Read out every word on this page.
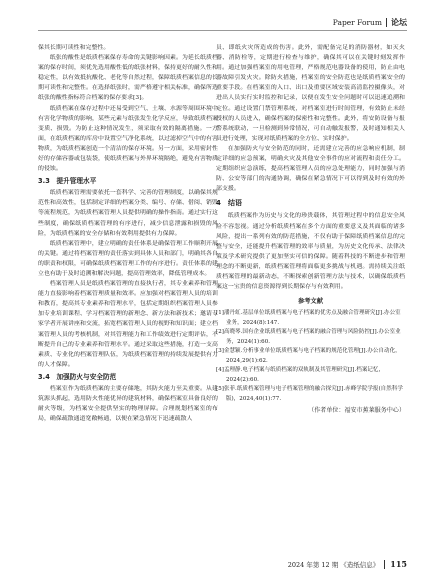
Paper Forum 论坛

保其长期可读性和完整性。

纸张的酸性是纸质档案保存寿命的关键影响因素。为延长纸质档案的保存时间，须优先选用酸性低的纸张材料，保持更好的耐久性和稳定性，以有效抵抗酸化、老化等自然过程，保障纸质档案信息的长期可读性和完整性。在选择纸张时，需严格遵守相关标准，确保所选纸张的酸性指标符合档案的保存要求[3]。

纸质档案在保存过程中还易受到空气、土壤、水源等周围环境中有害化学物质的影响，某些元素与纸张发生化学反应，导致纸质档案变质、损毁。为防止这种情况发生，须采取有效的隔离措施。一方面，在纸质档案的库房中设置空气净化系统，以过滤掉空气中的有害物质，为纸质档案创造一个清洁的保存环境。另一方面，采用密封性好的存储容器或包装袋，使纸质档案与外界环境隔绝，避免有害物质的侵蚀。

3.3　提升管理水平

纸质档案管理需要依托一套科学、完善的管理制度，以确保其规范性和高效性，包括制定详细的档案分类、编号、存储、借阅、销毁等流程规范，为纸质档案管理人员提供明确的操作指南。通过实行这些制度，确保纸质档案管理的有序进行，减少信息泄露和损毁的风险，为纸质档案的安全存储和有效利用提供有力保障。

纸质档案管理中，建立明确的责任体系是确保管理工作顺利开展的关键。通过将档案管理的责任落实到具体人员和部门，明确其各自的职责和权限，可确保纸质档案管理工作的有序进行。责任体系的建立也有助于及时追溯和解决问题，提高管理效率，降低管理成本。

档案管理人员是纸质档案管理的直接执行者，其专业素养和管理能力直接影响着档案管理质量和效率。应加强对档案管理人员的培训和教育，提高其专业素养和管理水平，包括定期组织档案管理人员参加专业培训课程、学习档案管理的新理念、新方法和新技术；邀请专家学者开展讲座和交流，拓宽档案管理人员的视野和知识面；建立档案管理人员的考核机制，对其管理能力和工作绩效进行定期评估，不断提升自己的专业素养和管理水平。通过采取这些措施，打造一支高素质、专业化的档案管理队伍，为纸质档案管理的持续发展提供有力的人才保障。

3.4　加强防火与安全防范

档案室作为纸质档案的主要存储地，其防火能力至关重要。从建筑源头抓起，选用防火性能优异的建筑材料，确保档案室具备良好的耐火等级，为档案安全提供坚实的物理屏障。合理规划档案室的布局，确保疏散通道宽敞畅通，以便在紧急情况下迅速疏散人

员、即纸火灾所造成的伤害。此外，需配备完足的消防器材，如灭火器、消防栓等，定期进行检查与维护，确保其可以在关键时刻发挥作用。通过加强档案室的用电管理，严格规范电器设备的使用，防止由电器故障引发火灾。除防火措施，档案室的安全防范也是纸质档案安全的重要手段。在档案室的入口、出口及重要区域安装高清监控摄像头，对进出人员实行实时监控和记录，以便在发生安全问题时可以迅速追溯和定位。通过设置门禁管理系统，对档案室进行时间管理，有效防止未经授权的人员进入，确保档案的保密性和完整性。此外，将安防设备与报警系统联动，一旦检测到异常情况，可自动触发报警，及时通知相关人员进行处理，实现对纸质档案的全方位、实时保护。

在加强防火与安全防范的同时，还需建立完善的应急响应机制，制定详细的应急预案，明确火灾及其他安全事件的应对流程和责任分工。定期组织应急演练，提高档案管理人员的应急处理能力，同时加强与消防、公安等部门的沟通协调，确保在紧急情况下可以得到及时有效的外部支援。

4　结语

纸质档案作为历史与文化的珍贵载体，其管理过程中的信息安全风险不容忽视。通过分析纸质档案在多个方面的重要意义及其面临的诸多风险，提出一系列有效的防范措施，不仅有助于保障纸质档案信息的完整与安全，还能提升档案管理的效率与质量，为历史文化传承、法律决策及学术研究提供了更加坚实可信的保障。随着科技的不断进步和管理理念的不断更新，纸质档案管理将面临更多挑战与机遇。需持续关注纸质档案管理的最新动态，不断探索创新管理方法与技术，以确保纸质档案这一宝贵的信息资源得到长期保存与有效利用。

参考文献
[1]潘丹虹.基层单位纸质档案与电子档案的优劣点及融合管理研究[J].办公室业务，2024(8):147.
[2]高晓琴.国有企业纸质档案与电子档案的融合管理与风险防控[J].办公室业务，2024(1):60.
[3]金慧颖.分析事业单位纸质档案与电子档案的规范化管理[J].办公自动化，2024,29(1):62.
[4]孟理静.电子档案与纸质档案的双轨制及其管理研究[J].档案记忆，2024(2):60.
[5]张菲.纸质档案管理与电子档案管理的融合探究[J].赤峰学院学报(自然科学版)，2024,40(1):77.
（作者单位：福安市蕉莱服务中心）
2024 年第 12 期 《造纸信息》 115
